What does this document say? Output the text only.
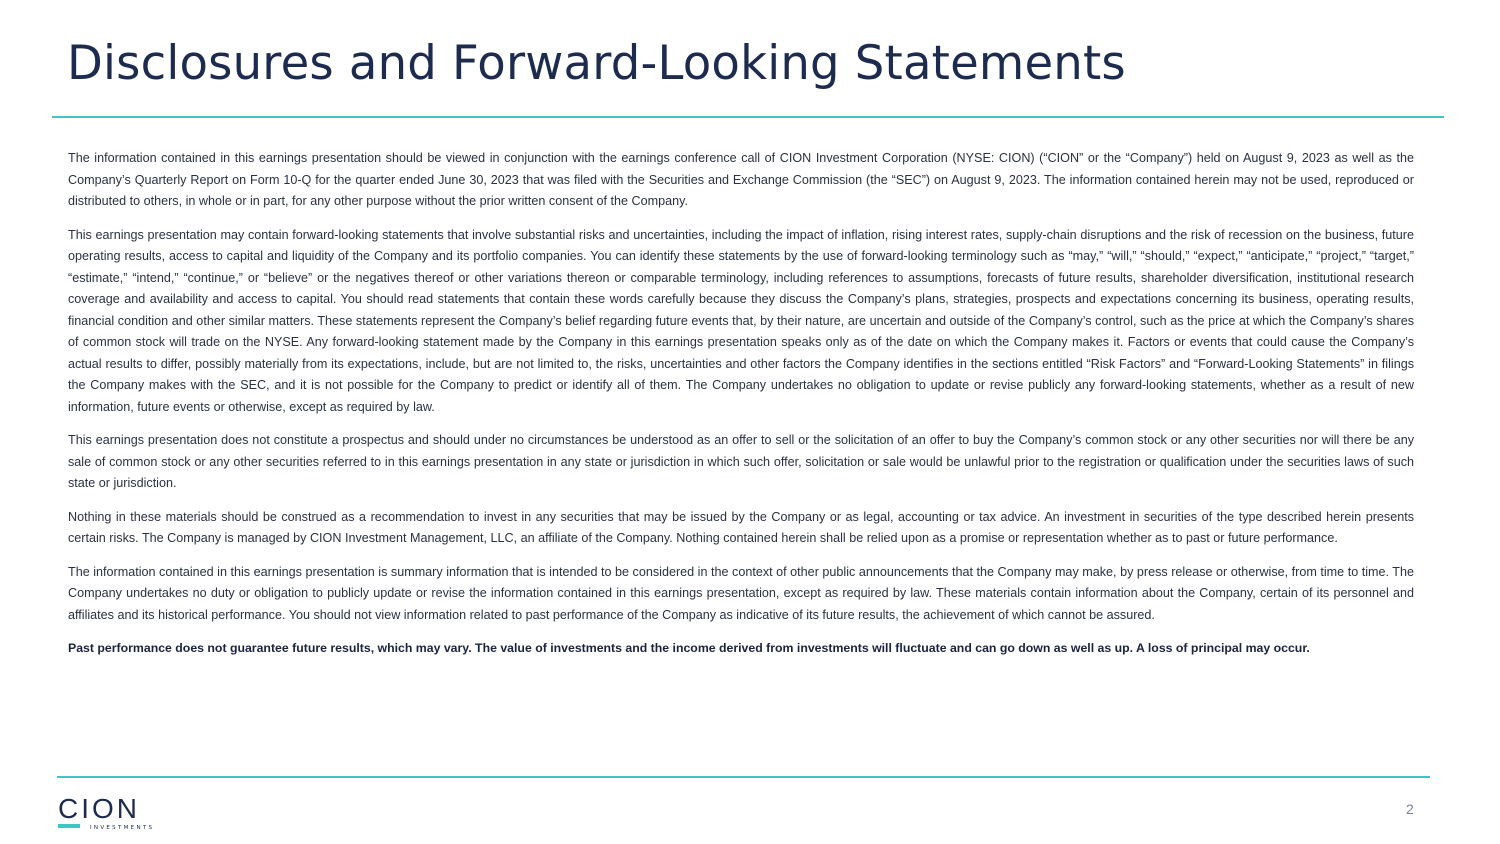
Disclosures and Forward-Looking Statements

The information contained in this earnings presentation should be viewed in conjunction with the earnings conference call of CION Investment Corporation (NYSE: CION) (“CION” or the “Company”) held on August 9, 2023 as well as the Company’s Quarterly Report on Form 10-Q for the quarter ended June 30, 2023 that was filed with the Securities and Exchange Commission (the “SEC”) on August 9, 2023. The information contained herein may not be used, reproduced or distributed to others, in whole or in part, for any other purpose without the prior written consent of the Company.

This earnings presentation may contain forward-looking statements that involve substantial risks and uncertainties, including the impact of inflation, rising interest rates, supply-chain disruptions and the risk of recession on the business, future operating results, access to capital and liquidity of the Company and its portfolio companies. You can identify these statements by the use of forward-looking terminology such as “may,” “will,” “should,” “expect,” “anticipate,” “project,” “target,” “estimate,” “intend,” “continue,” or “believe” or the negatives thereof or other variations thereon or comparable terminology, including references to assumptions, forecasts of future results, shareholder diversification, institutional research coverage and availability and access to capital. You should read statements that contain these words carefully because they discuss the Company’s plans, strategies, prospects and expectations concerning its business, operating results, financial condition and other similar matters. These statements represent the Company’s belief regarding future events that, by their nature, are uncertain and outside of the Company’s control, such as the price at which the Company’s shares of common stock will trade on the NYSE. Any forward-looking statement made by the Company in this earnings presentation speaks only as of the date on which the Company makes it. Factors or events that could cause the Company’s actual results to differ, possibly materially from its expectations, include, but are not limited to, the risks, uncertainties and other factors the Company identifies in the sections entitled “Risk Factors” and “Forward-Looking Statements” in filings the Company makes with the SEC, and it is not possible for the Company to predict or identify all of them. The Company undertakes no obligation to update or revise publicly any forward-looking statements, whether as a result of new information, future events or otherwise, except as required by law.

This earnings presentation does not constitute a prospectus and should under no circumstances be understood as an offer to sell or the solicitation of an offer to buy the Company’s common stock or any other securities nor will there be any sale of common stock or any other securities referred to in this earnings presentation in any state or jurisdiction in which such offer, solicitation or sale would be unlawful prior to the registration or qualification under the securities laws of such state or jurisdiction.

Nothing in these materials should be construed as a recommendation to invest in any securities that may be issued by the Company or as legal, accounting or tax advice. An investment in securities of the type described herein presents certain risks. The Company is managed by CION Investment Management, LLC, an affiliate of the Company. Nothing contained herein shall be relied upon as a promise or representation whether as to past or future performance.

The information contained in this earnings presentation is summary information that is intended to be considered in the context of other public announcements that the Company may make, by press release or otherwise, from time to time. The Company undertakes no duty or obligation to publicly update or revise the information contained in this earnings presentation, except as required by law. These materials contain information about the Company, certain of its personnel and affiliates and its historical performance. You should not view information related to past performance of the Company as indicative of its future results, the achievement of which cannot be assured.

Past performance does not guarantee future results, which may vary. The value of investments and the income derived from investments will fluctuate and can go down as well as up. A loss of principal may occur.

CION
INVESTMENTS
2
